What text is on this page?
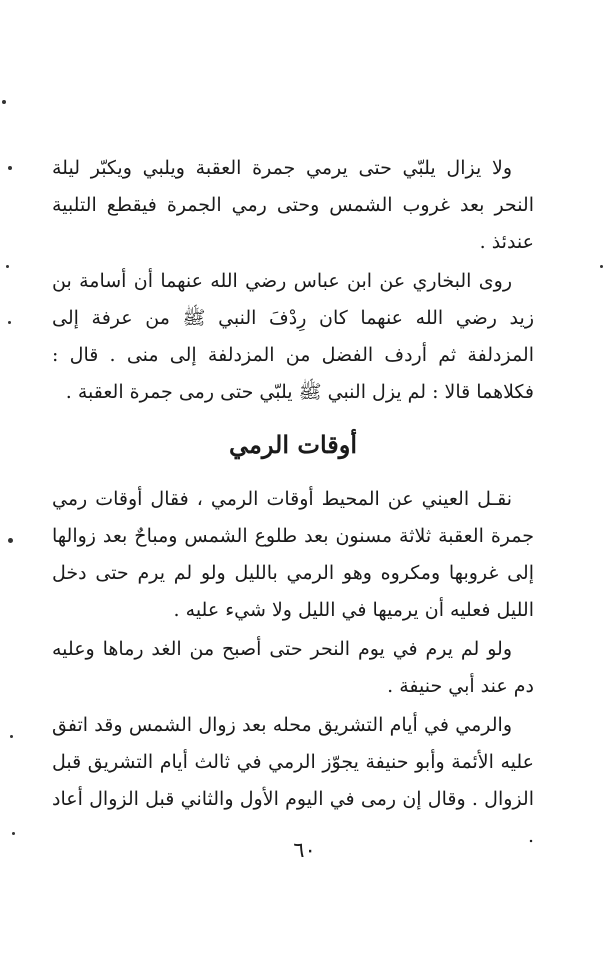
ولا يزال يلبّي حتى يرمي جمرة العقبة ويلبي ويكبّر ليلة النحر بعد غروب الشمس وحتى رمي الجمرة فيقطع التلبية عندئذ .

روى البخاري عن ابن عباس رضي الله عنهما أن أسامة بن زيد رضي الله عنهما كان رِدْفَ النبي ﷺ من عرفة إلى المزدلفة ثم أردف الفضل من المزدلفة إلى منى . قال : فكلاهما قالا : لم يزل النبي ﷺ يلبّي حتى رمى جمرة العقبة .

أوقات الرمي

نقـل العيني عن المحيط أوقات الرمي ، فقال أوقات رمي جمرة العقبة ثلاثة مسنون بعد طلوع الشمس ومباحٌ بعد زوالها إلى غروبها ومكروه وهو الرمي بالليل ولو لم يرم حتى دخل الليل فعليه أن يرميها في الليل ولا شيء عليه .

ولو لم يرم في يوم النحر حتى أصبح من الغد رماها وعليه دم عند أبي حنيفة .

والرمي في أيام التشريق محله بعد زوال الشمس وقد اتفق عليه الأئمة وأبو حنيفة يجوّز الرمي في ثالث أيام التشريق قبل الزوال . وقال إن رمى في اليوم الأول والثاني قبل الزوال أعاد .

٦٠
